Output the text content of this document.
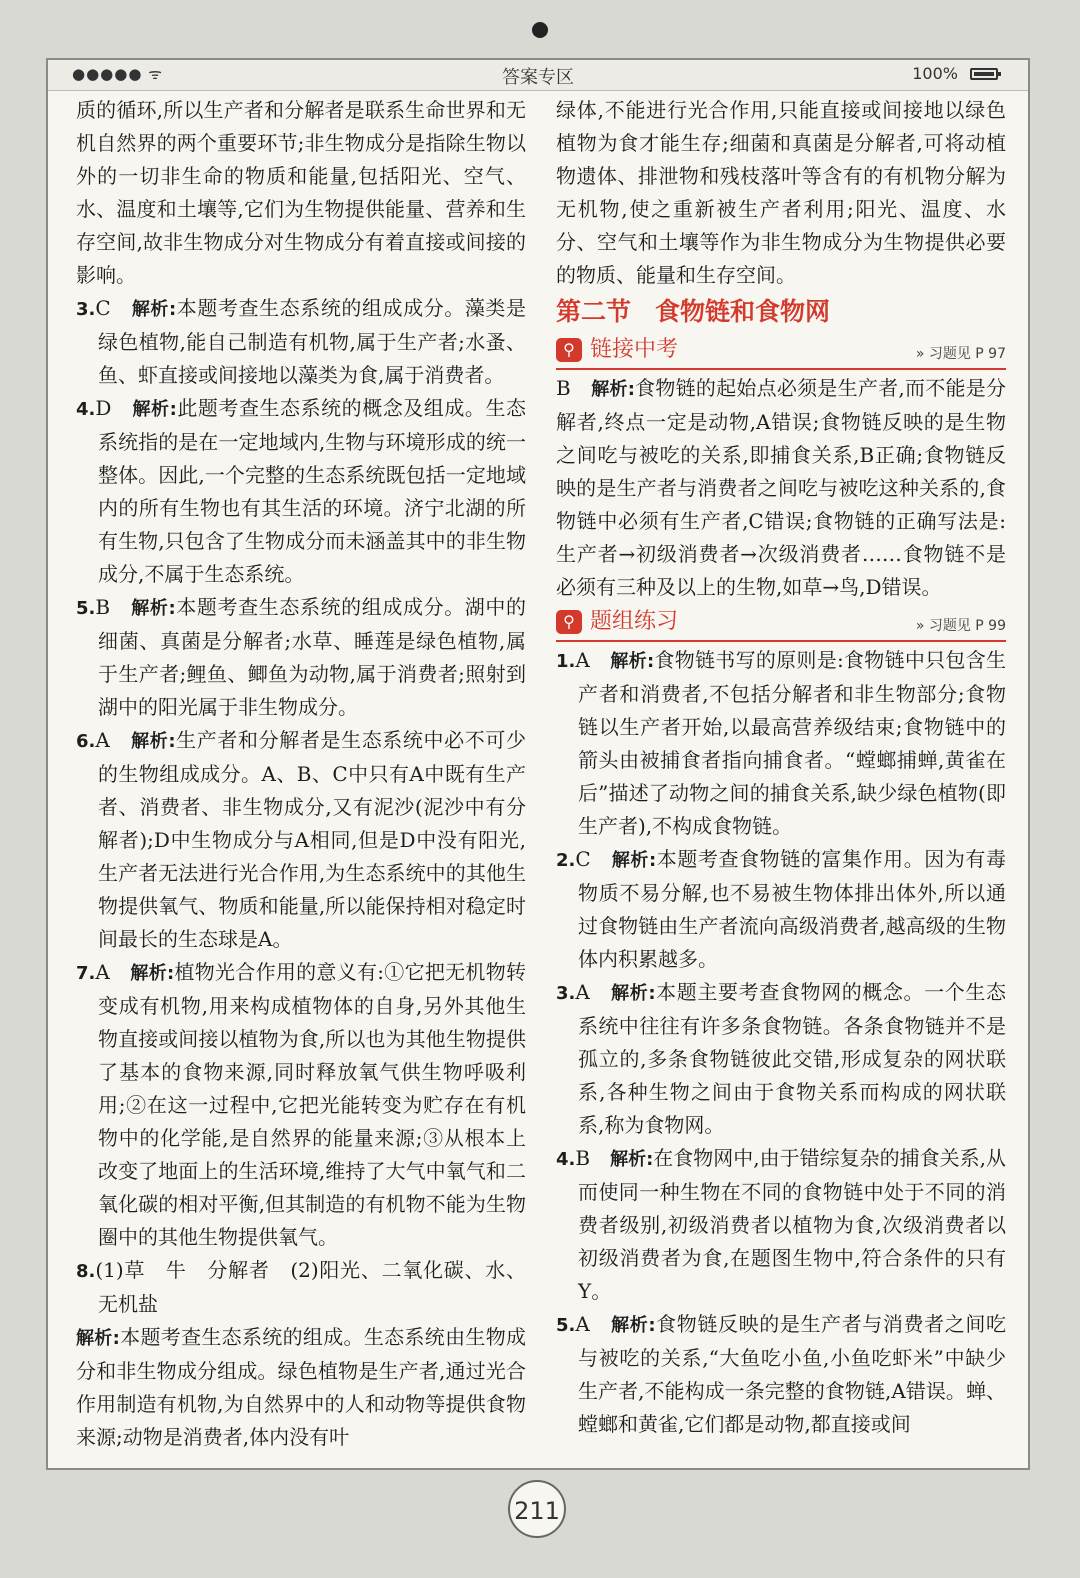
●●●●● ᯤ	答案专区	100%

质的循环,所以生产者和分解者是联系生命世界和无机自然界的两个重要环节;非生物成分是指除生物以外的一切非生命的物质和能量,包括阳光、空气、水、温度和土壤等,它们为生物提供能量、营养和生存空间,故非生物成分对生物成分有着直接或间接的影响。

3.C　 解析:本题考查生态系统的组成成分。藻类是绿色植物,能自己制造有机物,属于生产者;水蚤、鱼、虾直接或间接地以藻类为食,属于消费者。

4.D　 解析:此题考查生态系统的概念及组成。生态系统指的是在一定地域内,生物与环境形成的统一整体。因此,一个完整的生态系统既包括一定地域内的所有生物也有其生活的环境。济宁北湖的所有生物,只包含了生物成分而未涵盖其中的非生物成分,不属于生态系统。

5.B　 解析:本题考查生态系统的组成成分。湖中的细菌、真菌是分解者;水草、睡莲是绿色植物,属于生产者;鲤鱼、鲫鱼为动物,属于消费者;照射到湖中的阳光属于非生物成分。

6.A　 解析:生产者和分解者是生态系统中必不可少的生物组成成分。A、B、C中只有A中既有生产者、消费者、非生物成分,又有泥沙(泥沙中有分解者);D中生物成分与A相同,但是D中没有阳光,生产者无法进行光合作用,为生态系统中的其他生物提供氧气、物质和能量,所以能保持相对稳定时间最长的生态球是A。

7.A　 解析:植物光合作用的意义有:①它把无机物转变成有机物,用来构成植物体的自身,另外其他生物直接或间接以植物为食,所以也为其他生物提供了基本的食物来源,同时释放氧气供生物呼吸利用;②在这一过程中,它把光能转变为贮存在有机物中的化学能,是自然界的能量来源;③从根本上改变了地面上的生活环境,维持了大气中氧气和二氧化碳的相对平衡,但其制造的有机物不能为生物圈中的其他生物提供氧气。

8.(1)草　牛　分解者　(2)阳光、二氧化碳、水、无机盐

解析:本题考查生态系统的组成。生态系统由生物成分和非生物成分组成。绿色植物是生产者,通过光合作用制造有机物,为自然界中的人和动物等提供食物来源;动物是消费者,体内没有叶

绿体,不能进行光合作用,只能直接或间接地以绿色植物为食才能生存;细菌和真菌是分解者,可将动植物遗体、排泄物和残枝落叶等含有的有机物分解为无机物,使之重新被生产者利用;阳光、温度、水分、空气和土壤等作为非生物成分为生物提供必要的物质、能量和生存空间。

第二节 食物链和食物网
⚲ 链接中考	» 习题见 P 97

B　 解析:食物链的起始点必须是生产者,而不能是分解者,终点一定是动物,A错误;食物链反映的是生物之间吃与被吃的关系,即捕食关系,B正确;食物链反映的是生产者与消费者之间吃与被吃这种关系的,食物链中必须有生产者,C错误;食物链的正确写法是:生产者→初级消费者→次级消费者……食物链不是必须有三种及以上的生物,如草→鸟,D错误。

⚲ 题组练习	» 习题见 P 99

1.A　 解析:食物链书写的原则是:食物链中只包含生产者和消费者,不包括分解者和非生物部分;食物链以生产者开始,以最高营养级结束;食物链中的箭头由被捕食者指向捕食者。“螳螂捕蝉,黄雀在后”描述了动物之间的捕食关系,缺少绿色植物(即生产者),不构成食物链。

2.C　 解析:本题考查食物链的富集作用。因为有毒物质不易分解,也不易被生物体排出体外,所以通过食物链由生产者流向高级消费者,越高级的生物体内积累越多。

3.A　 解析:本题主要考查食物网的概念。一个生态系统中往往有许多条食物链。各条食物链并不是孤立的,多条食物链彼此交错,形成复杂的网状联系,各种生物之间由于食物关系而构成的网状联系,称为食物网。

4.B　 解析:在食物网中,由于错综复杂的捕食关系,从而使同一种生物在不同的食物链中处于不同的消费者级别,初级消费者以植物为食,次级消费者以初级消费者为食,在题图生物中,符合条件的只有Y。

5.A　 解析:食物链反映的是生产者与消费者之间吃与被吃的关系,“大鱼吃小鱼,小鱼吃虾米”中缺少生产者,不能构成一条完整的食物链,A错误。蝉、螳螂和黄雀,它们都是动物,都直接或间

211
